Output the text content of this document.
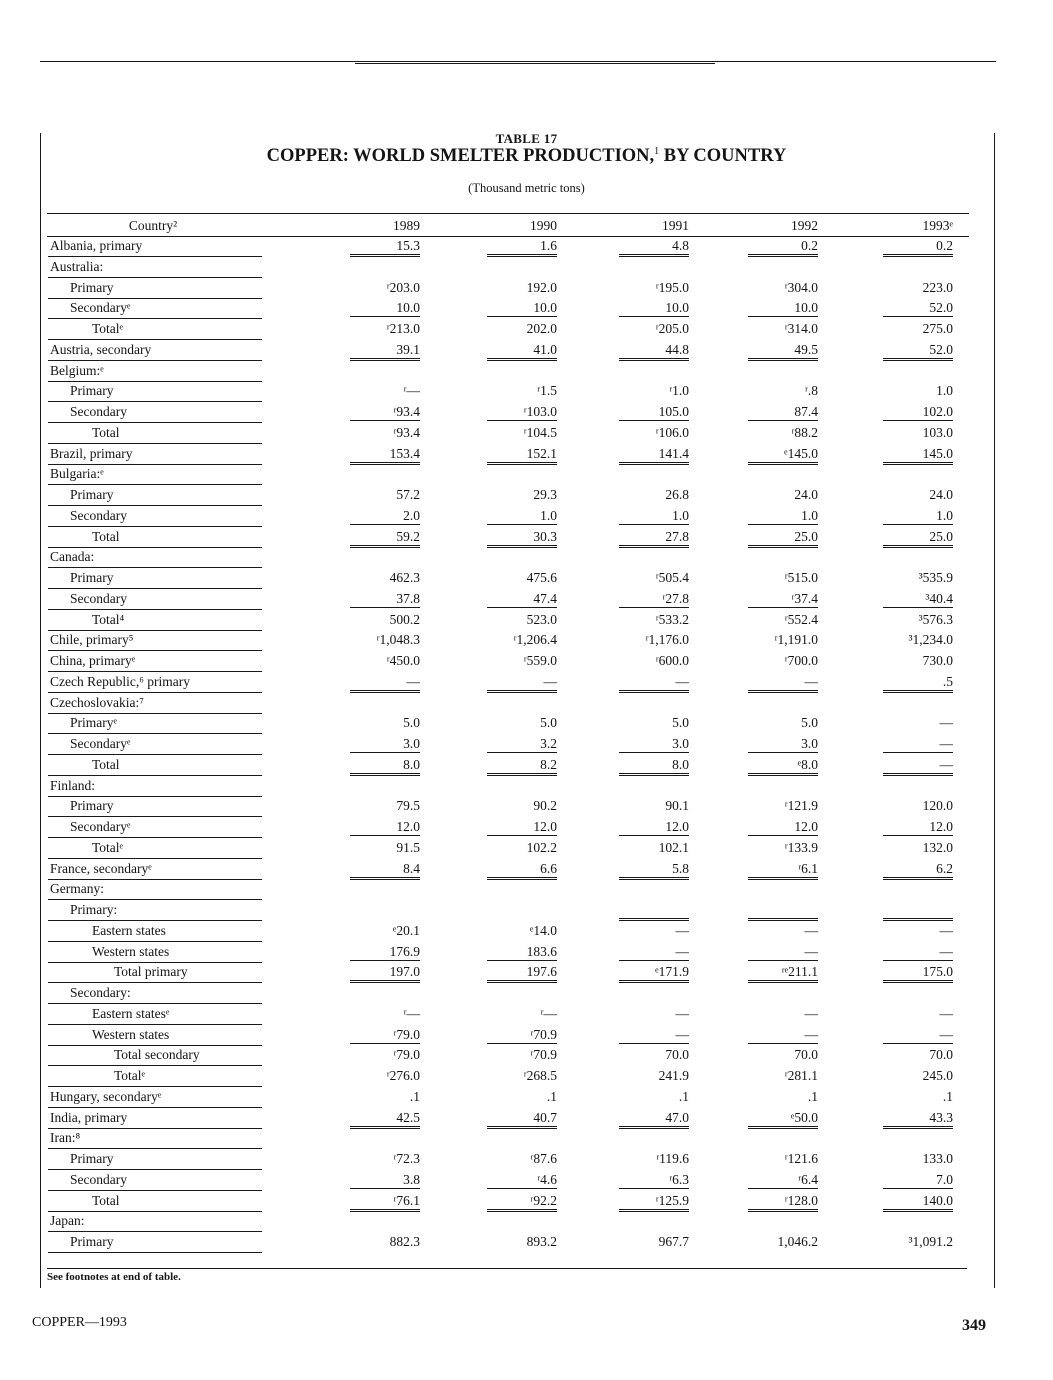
TABLE 17
COPPER: WORLD SMELTER PRODUCTION,$^1$ BY COUNTRY
(Thousand metric tons)
Country²	1989	1990	1991	1992	1993ᵉ
Albania, primary	15.3	1.6	4.8	0.2	0.2
Australia:
Primary	ʳ203.0	192.0	ʳ195.0	ʳ304.0	223.0
Secondaryᵉ	10.0	10.0	10.0	10.0	52.0
Totalᵉ	ʳ213.0	202.0	ʳ205.0	ʳ314.0	275.0
Austria, secondary	39.1	41.0	44.8	49.5	52.0
Belgium:ᵉ
Primary	ʳ—	ʳ1.5	ʳ1.0	ʳ.8	1.0
Secondary	ʳ93.4	ʳ103.0	105.0	87.4	102.0
Total	ʳ93.4	ʳ104.5	ʳ106.0	ʳ88.2	103.0
Brazil, primary	153.4	152.1	141.4	ᵉ145.0	145.0
Bulgaria:ᵉ
Primary	57.2	29.3	26.8	24.0	24.0
Secondary	2.0	1.0	1.0	1.0	1.0
Total	59.2	30.3	27.8	25.0	25.0
Canada:
Primary	462.3	475.6	ʳ505.4	ʳ515.0	³535.9
Secondary	37.8	47.4	ʳ27.8	ʳ37.4	³40.4
Total⁴	500.2	523.0	ʳ533.2	ʳ552.4	³576.3
Chile, primary⁵	ʳ1,048.3	ʳ1,206.4	ʳ1,176.0	ʳ1,191.0	³1,234.0
China, primaryᵉ	ʳ450.0	ʳ559.0	ʳ600.0	ʳ700.0	730.0
Czech Republic,⁶ primary	—	—	—	—	.5
Czechoslovakia:⁷
Primaryᵉ	5.0	5.0	5.0	5.0	—
Secondaryᵉ	3.0	3.2	3.0	3.0	—
Total	8.0	8.2	8.0	ᵉ8.0	—
Finland:
Primary	79.5	90.2	90.1	ʳ121.9	120.0
Secondaryᵉ	12.0	12.0	12.0	12.0	12.0
Totalᵉ	91.5	102.2	102.1	ʳ133.9	132.0
France, secondaryᵉ	8.4	6.6	5.8	ʳ6.1	6.2
Germany:
Primary:

Eastern states	ᵉ20.1	ᵉ14.0	—	—	—
Western states	176.9	183.6	—	—	—
Total primary	197.0	197.6	ᵉ171.9	ʳᵉ211.1	175.0
Secondary:
Eastern statesᵉ	ʳ—	ʳ—	—	—	—
Western states	ʳ79.0	ʳ70.9	—	—	—
Total secondary	ʳ79.0	ʳ70.9	70.0	70.0	70.0
Totalᵉ	ʳ276.0	ʳ268.5	241.9	ʳ281.1	245.0
Hungary, secondaryᵉ	.1	.1	.1	.1	.1
India, primary	42.5	40.7	47.0	ᵉ50.0	43.3
Iran:⁸
Primary	ʳ72.3	ʳ87.6	ʳ119.6	ʳ121.6	133.0
Secondary	3.8	ʳ4.6	ʳ6.3	ʳ6.4	7.0
Total	ʳ76.1	ʳ92.2	ʳ125.9	ʳ128.0	140.0
Japan:
Primary	882.3	893.2	967.7	1,046.2	³1,091.2
See footnotes at end of table.
COPPER—1993	349
